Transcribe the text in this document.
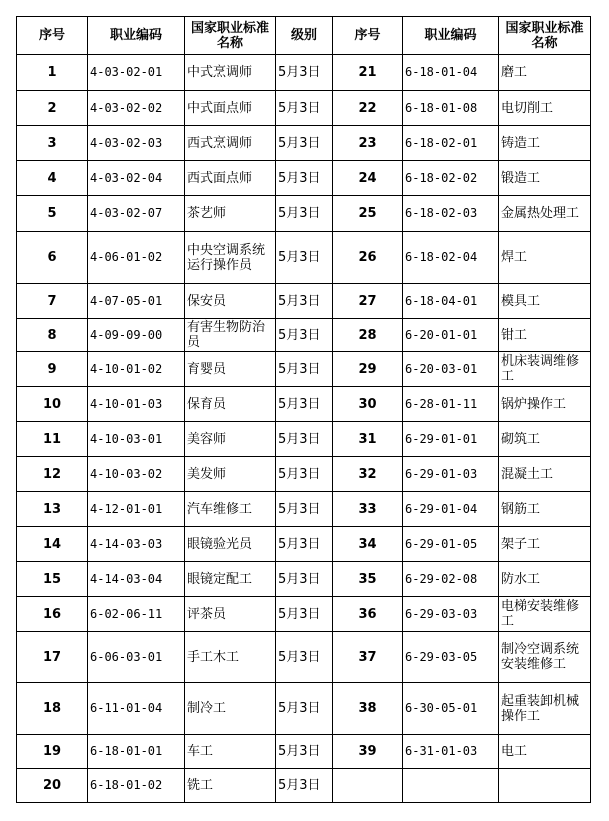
序号	职业编码	国家职业标准名称	级别	序号	职业编码	国家职业标准名称
1	4-03-02-01	中式烹调师	5月3日	21	6-18-01-04	磨工
2	4-03-02-02	中式面点师	5月3日	22	6-18-01-08	电切削工
3	4-03-02-03	西式烹调师	5月3日	23	6-18-02-01	铸造工
4	4-03-02-04	西式面点师	5月3日	24	6-18-02-02	锻造工
5	4-03-02-07	茶艺师	5月3日	25	6-18-02-03	金属热处理工
6	4-06-01-02	中央空调系统运行操作员	5月3日	26	6-18-02-04	焊工
7	4-07-05-01	保安员	5月3日	27	6-18-04-01	模具工
8	4-09-09-00	有害生物防治员	5月3日	28	6-20-01-01	钳工
9	4-10-01-02	育婴员	5月3日	29	6-20-03-01	机床装调维修工
10	4-10-01-03	保育员	5月3日	30	6-28-01-11	锅炉操作工
11	4-10-03-01	美容师	5月3日	31	6-29-01-01	砌筑工
12	4-10-03-02	美发师	5月3日	32	6-29-01-03	混凝土工
13	4-12-01-01	汽车维修工	5月3日	33	6-29-01-04	钢筋工
14	4-14-03-03	眼镜验光员	5月3日	34	6-29-01-05	架子工
15	4-14-03-04	眼镜定配工	5月3日	35	6-29-02-08	防水工
16	6-02-06-11	评茶员	5月3日	36	6-29-03-03	电梯安装维修工
17	6-06-03-01	手工木工	5月3日	37	6-29-03-05	制冷空调系统安装维修工
18	6-11-01-04	制冷工	5月3日	38	6-30-05-01	起重装卸机械操作工
19	6-18-01-01	车工	5月3日	39	6-31-01-03	电工
20	6-18-01-02	铣工	5月3日			
